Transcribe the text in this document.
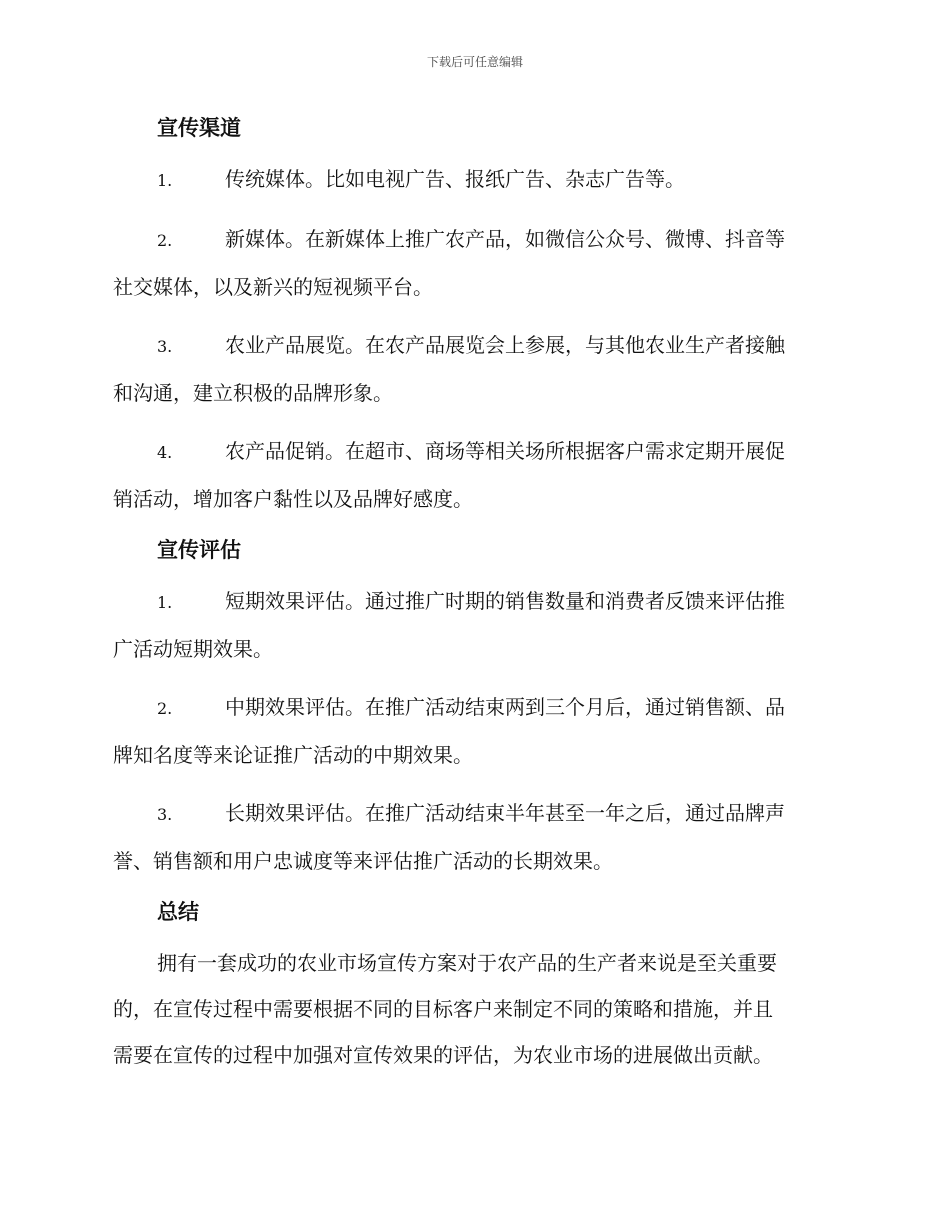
下载后可任意编辑
宣传渠道

1.	传统媒体。比如电视广告、报纸广告、杂志广告等。

2.	新媒体。在新媒体上推广农产品，如微信公众号、微博、抖音等

社交媒体，以及新兴的短视频平台。

3.	农业产品展览。在农产品展览会上参展，与其他农业生产者接触

和沟通，建立积极的品牌形象。

4.	农产品促销。在超市、商场等相关场所根据客户需求定期开展促

销活动，增加客户黏性以及品牌好感度。

宣传评估

1.	短期效果评估。通过推广时期的销售数量和消费者反馈来评估推

广活动短期效果。

2.	中期效果评估。在推广活动结束两到三个月后，通过销售额、品

牌知名度等来论证推广活动的中期效果。

3.	长期效果评估。在推广活动结束半年甚至一年之后，通过品牌声

誉、销售额和用户忠诚度等来评估推广活动的长期效果。

总结

拥有一套成功的农业市场宣传方案对于农产品的生产者来说是至关重要

的，在宣传过程中需要根据不同的目标客户来制定不同的策略和措施，并且

需要在宣传的过程中加强对宣传效果的评估，为农业市场的进展做出贡献。
